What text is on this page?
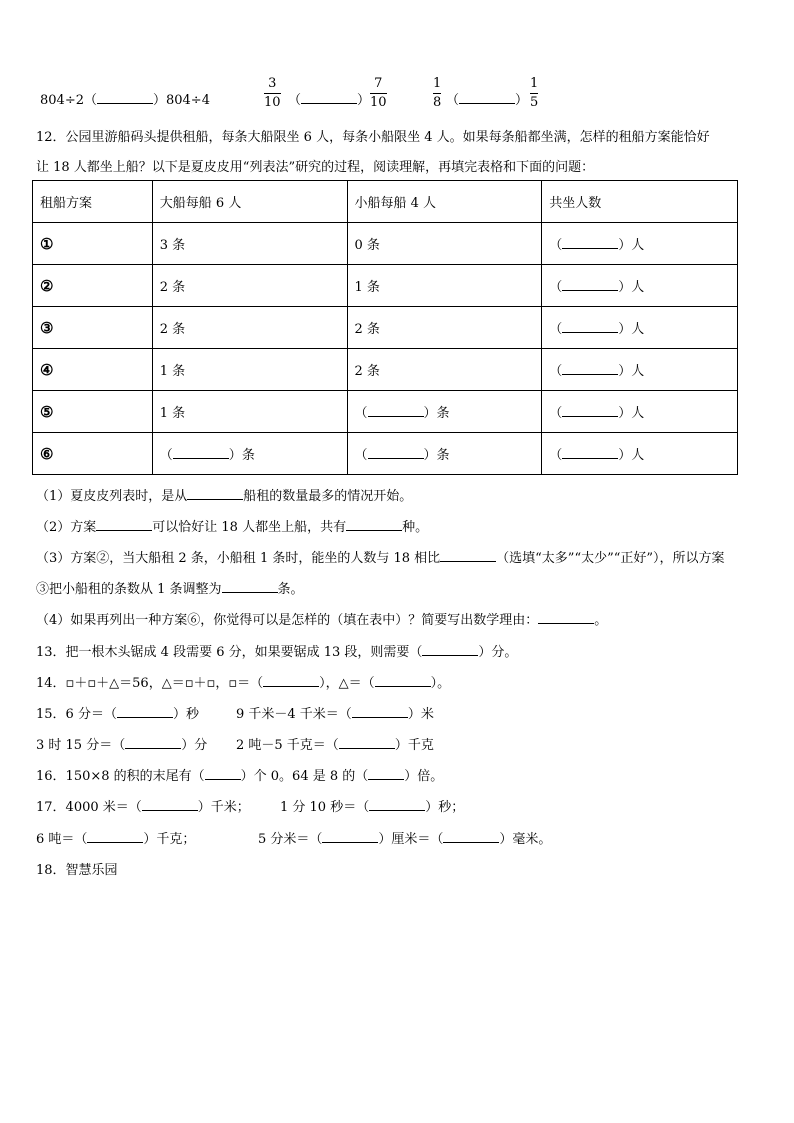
804÷2（	）804÷4
3
10 （	）
7
10
1
8 （	）
1
5
12．公园里游船码头提供租船，每条大船限坐 6 人，每条小船限坐 4 人。如果每条船都坐满，怎样的租船方案能恰好
让 18 人都坐上船？以下是夏皮皮用“列表法”研究的过程，阅读理解，再填完表格和下面的问题：
租船方案	大船每船 6 人	小船每船 4 人	共坐人数
①	3 条	0 条	（ ）人
②	2 条	1 条	（ ）人
③	2 条	2 条	（ ）人
④	1 条	2 条	（ ）人
⑤	1 条	（ ）条	（ ）人
⑥	（ ）条	（ ）条	（ ）人
（1）夏皮皮列表时，是从	船租的数量最多的情况开始。
（2）方案	可以恰好让 18 人都坐上船，共有	种。
（3）方案②，当大船租 2 条，小船租 1 条时，能坐的人数与 18 相比	（选填“太多”“太少”“正好”），所以方案
③把小船租的条数从 1 条调整为	条。
（4）如果再列出一种方案⑥，你觉得可以是怎样的（填在表中）？简要写出数学理由：	。
13．把一根木头锯成 4 段需要 6 分，如果要锯成 13 段，则需要（	）分。
14．▫＋▫＋△＝56，△＝▫＋▫，▫＝（	），△＝（	）。
15．6 分＝（	）秒	9 千米－4 千米＝（	）米
3 时 15 分＝（	）分 2 吨－5 千克＝（	）千克
16．150×8 的积的末尾有（	）个 0。64 是 8 的（	）倍。
17．4000 米＝（	）千米； 1 分 10 秒＝（	）秒；
6 吨＝（	）千克；	5 分米＝（	）厘米＝（	）毫米。
18．智慧乐园
